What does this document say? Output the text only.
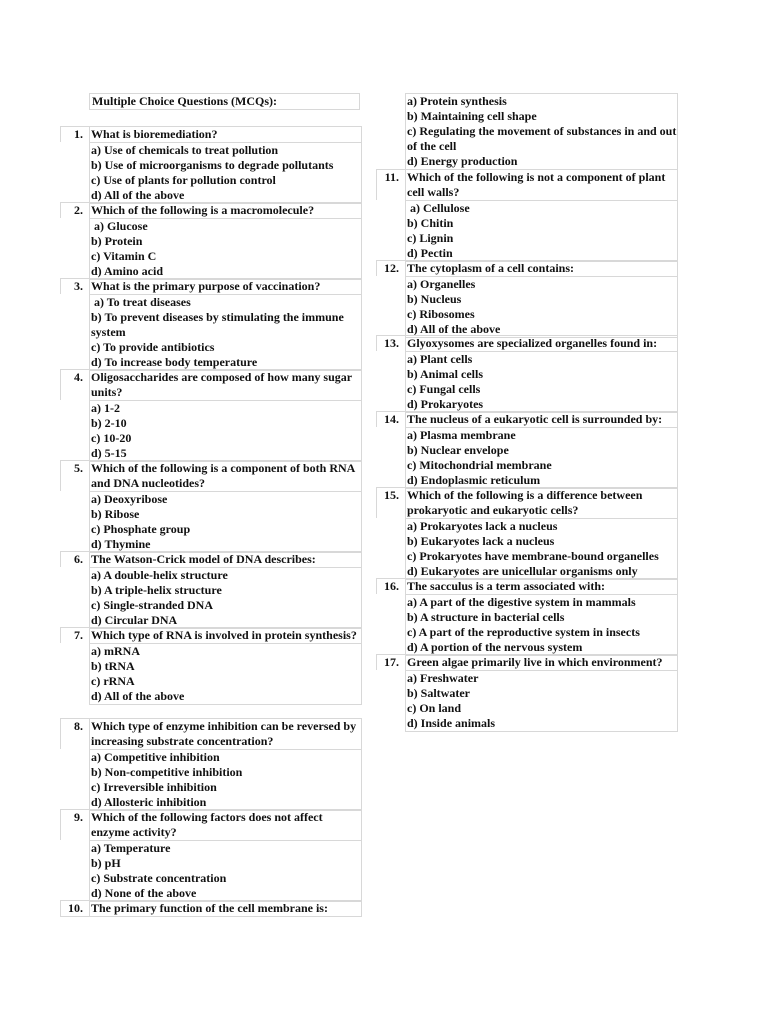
Multiple Choice Questions (MCQs):
1. What is bioremediation?
a) Use of chemicals to treat pollution
b) Use of microorganisms to degrade pollutants
c) Use of plants for pollution control
d) All of the above
2. Which of the following is a macromolecule?
a) Glucose
b) Protein
c) Vitamin C
d) Amino acid
3. What is the primary purpose of vaccination?
a) To treat diseases
b) To prevent diseases by stimulating the immune system
c) To provide antibiotics
d) To increase body temperature
4. Oligosaccharides are composed of how many sugar units?
a) 1-2
b) 2-10
c) 10-20
d) 5-15
5. Which of the following is a component of both RNA and DNA nucleotides?
a) Deoxyribose
b) Ribose
c) Phosphate group
d) Thymine
6. The Watson-Crick model of DNA describes:
a) A double-helix structure
b) A triple-helix structure
c) Single-stranded DNA
d) Circular DNA
7. Which type of RNA is involved in protein synthesis?
a) mRNA
b) tRNA
c) rRNA
d) All of the above
8. Which type of enzyme inhibition can be reversed by increasing substrate concentration?
a) Competitive inhibition
b) Non-competitive inhibition
c) Irreversible inhibition
d) Allosteric inhibition
9. Which of the following factors does not affect enzyme activity?
a) Temperature
b) pH
c) Substrate concentration
d) None of the above
10. The primary function of the cell membrane is:
a) Protein synthesis
b) Maintaining cell shape
c) Regulating the movement of substances in and out of the cell
d) Energy production
11. Which of the following is not a component of plant cell walls?
a) Cellulose
b) Chitin
c) Lignin
d) Pectin
12. The cytoplasm of a cell contains:
a) Organelles
b) Nucleus
c) Ribosomes
d) All of the above
13. Glyoxysomes are specialized organelles found in:
a) Plant cells
b) Animal cells
c) Fungal cells
d) Prokaryotes
14. The nucleus of a eukaryotic cell is surrounded by:
a) Plasma membrane
b) Nuclear envelope
c) Mitochondrial membrane
d) Endoplasmic reticulum
15. Which of the following is a difference between prokaryotic and eukaryotic cells?
a) Prokaryotes lack a nucleus
b) Eukaryotes lack a nucleus
c) Prokaryotes have membrane-bound organelles
d) Eukaryotes are unicellular organisms only
16. The sacculus is a term associated with:
a) A part of the digestive system in mammals
b) A structure in bacterial cells
c) A part of the reproductive system in insects
d) A portion of the nervous system
17. Green algae primarily live in which environment?
a) Freshwater
b) Saltwater
c) On land
d) Inside animals
